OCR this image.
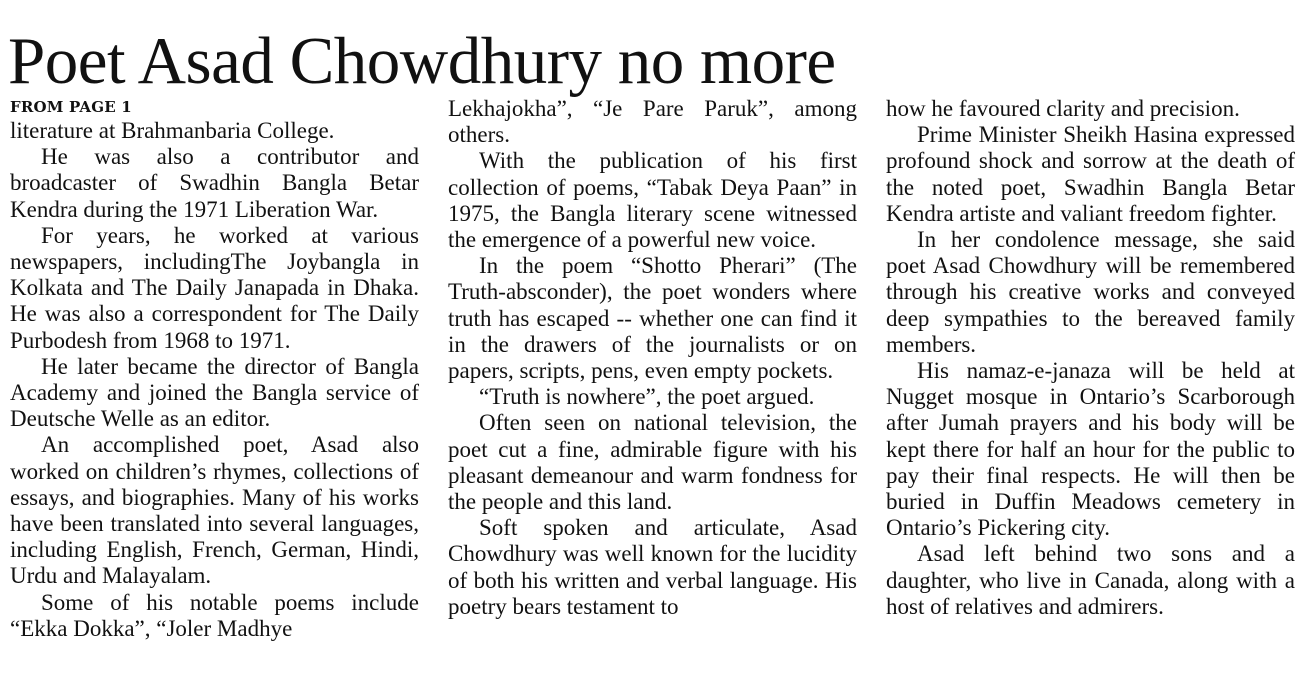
Poet Asad Chowdhury no more
FROM PAGE 1

literature at Brahmanbaria College.

He was also a contributor and broadcaster of Swadhin Bangla Betar Kendra during the 1971 Liberation War.

For years, he worked at various newspapers, includingThe Joybangla in Kolkata and The Daily Janapada in Dhaka. He was also a correspondent for The Daily Purbodesh from 1968 to 1971.

He later became the director of Bangla Academy and joined the Bangla service of Deutsche Welle as an editor.

An accomplished poet, Asad also worked on children’s rhymes, collections of essays, and biographies. Many of his works have been translated into several languages, including English, French, German, Hindi, Urdu and Malayalam.

Some of his notable poems include “Ekka Dokka”, “Joler Madhye

Lekhajokha”, “Je Pare Paruk”, among others.

With the publication of his first collection of poems, “Tabak Deya Paan” in 1975, the Bangla literary scene witnessed the emergence of a powerful new voice.

In the poem “Shotto Pherari” (The Truth-absconder), the poet wonders where truth has escaped -- whether one can find it in the drawers of the journalists or on papers, scripts, pens, even empty pockets.

“Truth is nowhere”, the poet argued.

Often seen on national television, the poet cut a fine, admirable figure with his pleasant demeanour and warm fondness for the people and this land.

Soft spoken and articulate, Asad Chowdhury was well known for the lucidity of both his written and verbal language. His poetry bears testament to

how he favoured clarity and precision.

Prime Minister Sheikh Hasina expressed profound shock and sorrow at the death of the noted poet, Swadhin Bangla Betar Kendra artiste and valiant freedom fighter.

In her condolence message, she said poet Asad Chowdhury will be remembered through his creative works and conveyed deep sympathies to the bereaved family members.

His namaz-e-janaza will be held at Nugget mosque in Ontario’s Scarborough after Jumah prayers and his body will be kept there for half an hour for the public to pay their final respects. He will then be buried in Duffin Meadows cemetery in Ontario’s Pickering city.

Asad left behind two sons and a daughter, who live in Canada, along with a host of relatives and admirers.
